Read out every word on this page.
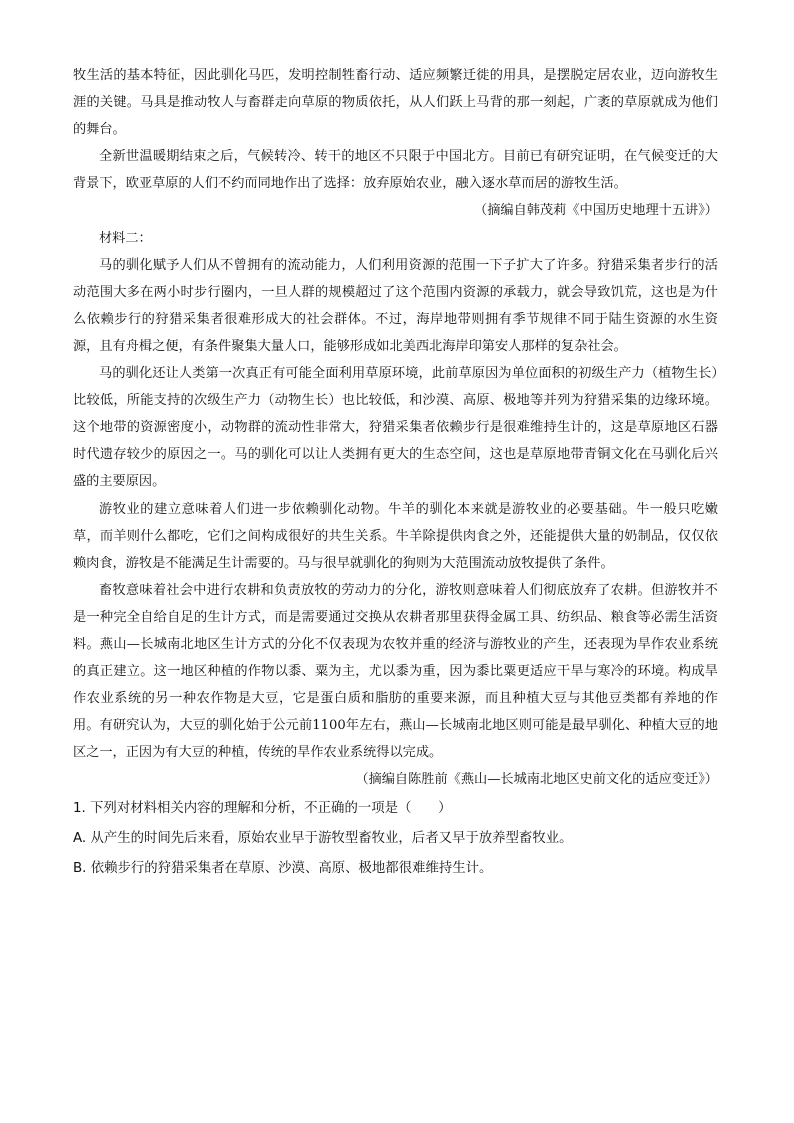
牧生活的基本特征，因此驯化马匹，发明控制牲畜行动、适应频繁迁徙的用具，是摆脱定居农业，迈向游牧生涯的关键。马具是推动牧人与畜群走向草原的物质依托，从人们跃上马背的那一刻起，广袤的草原就成为他们的舞台。

全新世温暖期结束之后，气候转冷、转干的地区不只限于中国北方。目前已有研究证明，在气候变迁的大背景下，欧亚草原的人们不约而同地作出了选择：放弃原始农业，融入逐水草而居的游牧生活。

（摘编自韩茂莉《中国历史地理十五讲》）

材料二：

马的驯化赋予人们从不曾拥有的流动能力，人们利用资源的范围一下子扩大了许多。狩猎采集者步行的活动范围大多在两小时步行圈内，一旦人群的规模超过了这个范围内资源的承载力，就会导致饥荒，这也是为什么依赖步行的狩猎采集者很难形成大的社会群体。不过，海岸地带则拥有季节规律不同于陆生资源的水生资源，且有舟楫之便，有条件聚集大量人口，能够形成如北美西北海岸印第安人那样的复杂社会。

马的驯化还让人类第一次真正有可能全面利用草原环境，此前草原因为单位面积的初级生产力（植物生长）比较低，所能支持的次级生产力（动物生长）也比较低，和沙漠、高原、极地等并列为狩猎采集的边缘环境。这个地带的资源密度小，动物群的流动性非常大，狩猎采集者依赖步行是很难维持生计的，这是草原地区石器时代遗存较少的原因之一。马的驯化可以让人类拥有更大的生态空间，这也是草原地带青铜文化在马驯化后兴盛的主要原因。

游牧业的建立意味着人们进一步依赖驯化动物。牛羊的驯化本来就是游牧业的必要基础。牛一般只吃嫩草，而羊则什么都吃，它们之间构成很好的共生关系。牛羊除提供肉食之外，还能提供大量的奶制品，仅仅依赖肉食，游牧是不能满足生计需要的。马与很早就驯化的狗则为大范围流动放牧提供了条件。

畜牧意味着社会中进行农耕和负责放牧的劳动力的分化，游牧则意味着人们彻底放弃了农耕。但游牧并不是一种完全自给自足的生计方式，而是需要通过交换从农耕者那里获得金属工具、纺织品、粮食等必需生活资料。燕山—长城南北地区生计方式的分化不仅表现为农牧并重的经济与游牧业的产生，还表现为旱作农业系统的真正建立。这一地区种植的作物以黍、粟为主，尤以黍为重，因为黍比粟更适应干旱与寒冷的环境。构成旱作农业系统的另一种农作物是大豆，它是蛋白质和脂肪的重要来源，而且种植大豆与其他豆类都有养地的作用。有研究认为，大豆的驯化始于公元前1100年左右，燕山—长城南北地区则可能是最早驯化、种植大豆的地区之一，正因为有大豆的种植，传统的旱作农业系统得以完成。

（摘编自陈胜前《燕山—长城南北地区史前文化的适应变迁》）

1. 下列对材料相关内容的理解和分析，不正确的一项是（　　）

A. 从产生的时间先后来看，原始农业早于游牧型畜牧业，后者又早于放养型畜牧业。

B. 依赖步行的狩猎采集者在草原、沙漠、高原、极地都很难维持生计。
